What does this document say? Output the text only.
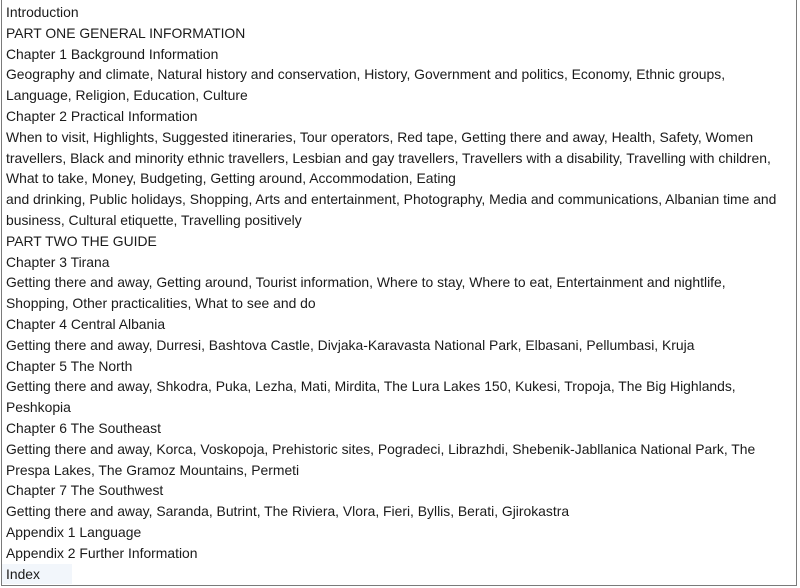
Introduction
PART ONE GENERAL INFORMATION
Chapter 1 Background Information
Geography and climate, Natural history and conservation, History, Government and politics, Economy, Ethnic groups, Language, Religion, Education, Culture
Chapter 2 Practical Information
When to visit, Highlights, Suggested itineraries, Tour operators, Red tape, Getting there and away, Health, Safety, Women travellers, Black and minority ethnic travellers, Lesbian and gay travellers, Travellers with a disability, Travelling with children, What to take, Money, Budgeting, Getting around, Accommodation, Eating
and drinking, Public holidays, Shopping, Arts and entertainment, Photography, Media and communications, Albanian time and business, Cultural etiquette, Travelling positively
PART TWO THE GUIDE
Chapter 3 Tirana
Getting there and away, Getting around, Tourist information, Where to stay, Where to eat, Entertainment and nightlife, Shopping, Other practicalities, What to see and do
Chapter 4 Central Albania
Getting there and away, Durresi, Bashtova Castle, Divjaka-Karavasta National Park, Elbasani, Pellumbasi, Kruja
Chapter 5 The North
Getting there and away, Shkodra, Puka, Lezha, Mati, Mirdita, The Lura Lakes 150, Kukesi, Tropoja, The Big Highlands, Peshkopia
Chapter 6 The Southeast
Getting there and away, Korca, Voskopoja, Prehistoric sites, Pogradeci, Librazhdi, Shebenik-Jabllanica National Park, The Prespa Lakes, The Gramoz Mountains, Permeti
Chapter 7 The Southwest
Getting there and away, Saranda, Butrint, The Riviera, Vlora, Fieri, Byllis, Berati, Gjirokastra
Appendix 1 Language
Appendix 2 Further Information
Index
